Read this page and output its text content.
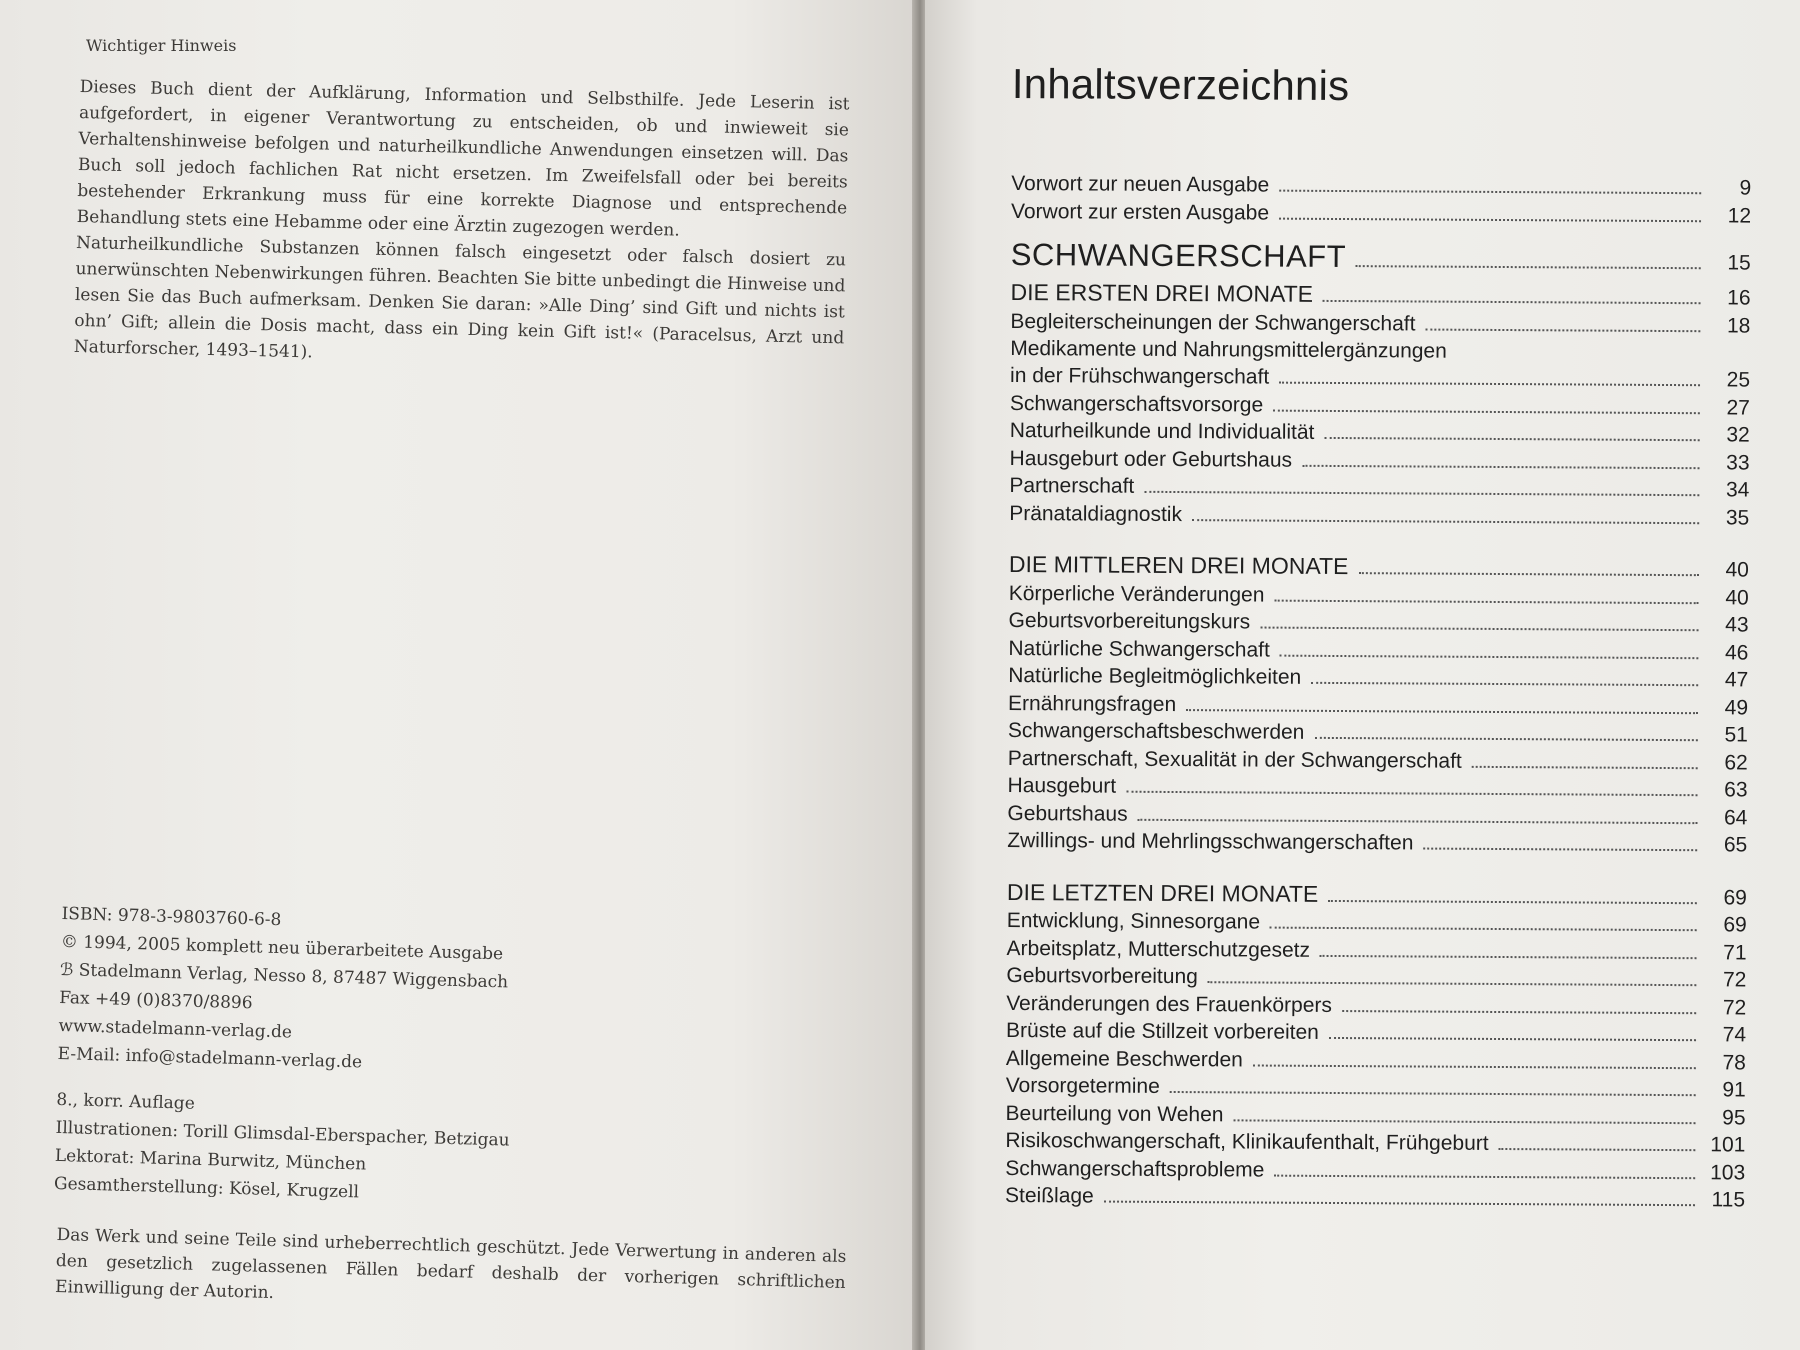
Wichtiger Hinweis

Dieses Buch dient der Aufklärung, Information und Selbsthilfe. Jede Leserin ist aufgefordert, in eigener Verantwortung zu entscheiden, ob und inwieweit sie Verhaltenshinweise befolgen und naturheilkundliche Anwendungen einsetzen will. Das Buch soll jedoch fachlichen Rat nicht ersetzen. Im Zweifelsfall oder bei bereits bestehender Erkrankung muss für eine korrekte Diagnose und entsprechende Behandlung stets eine Hebamme oder eine Ärztin zugezogen werden.

Naturheilkundliche Substanzen können falsch eingesetzt oder falsch dosiert zu unerwünschten Nebenwirkungen führen. Beachten Sie bitte unbedingt die Hinweise und lesen Sie das Buch aufmerksam. Denken Sie daran: »Alle Ding’ sind Gift und nichts ist ohn’ Gift; allein die Dosis macht, dass ein Ding kein Gift ist!« (Paracelsus, Arzt und Naturforscher, 1493–1541).

ISBN: 978-3-9803760-6-8
© 1994, 2005 komplett neu überarbeitete Ausgabe
ℬ Stadelmann Verlag, Nesso 8, 87487 Wiggensbach
Fax +49 (0)8370/8896
www.stadelmann-verlag.de
E-Mail: info@stadelmann-verlag.de
8., korr. Auflage
Illustrationen: Torill Glimsdal-Eberspacher, Betzigau
Lektorat: Marina Burwitz, München
Gesamtherstellung: Kösel, Krugzell
Das Werk und seine Teile sind urheberrechtlich geschützt. Jede Verwertung in anderen als den gesetzlich zugelassenen Fällen bedarf deshalb der vorherigen schriftlichen Einwilligung der Autorin.
Inhaltsverzeichnis
Vorwort zur neuen Ausgabe	9
Vorwort zur ersten Ausgabe	12
SCHWANGERSCHAFT	15
DIE ERSTEN DREI MONATE	16
Begleiterscheinungen der Schwangerschaft	18
Medikamente und Nahrungsmittelergänzungen
in der Frühschwangerschaft	25
Schwangerschaftsvorsorge	27
Naturheilkunde und Individualität	32
Hausgeburt oder Geburtshaus	33
Partnerschaft	34
Pränataldiagnostik	35
DIE MITTLEREN DREI MONATE	40
Körperliche Veränderungen	40
Geburtsvorbereitungskurs	43
Natürliche Schwangerschaft	46
Natürliche Begleitmöglichkeiten	47
Ernährungsfragen	49
Schwangerschaftsbeschwerden	51
Partnerschaft, Sexualität in der Schwangerschaft	62
Hausgeburt	63
Geburtshaus	64
Zwillings- und Mehrlingsschwangerschaften	65
DIE LETZTEN DREI MONATE	69
Entwicklung, Sinnesorgane	69
Arbeitsplatz, Mutterschutzgesetz	71
Geburtsvorbereitung	72
Veränderungen des Frauenkörpers	72
Brüste auf die Stillzeit vorbereiten	74
Allgemeine Beschwerden	78
Vorsorgetermine	91
Beurteilung von Wehen	95
Risikoschwangerschaft, Klinikaufenthalt, Frühgeburt	101
Schwangerschaftsprobleme	103
Steißlage	115
